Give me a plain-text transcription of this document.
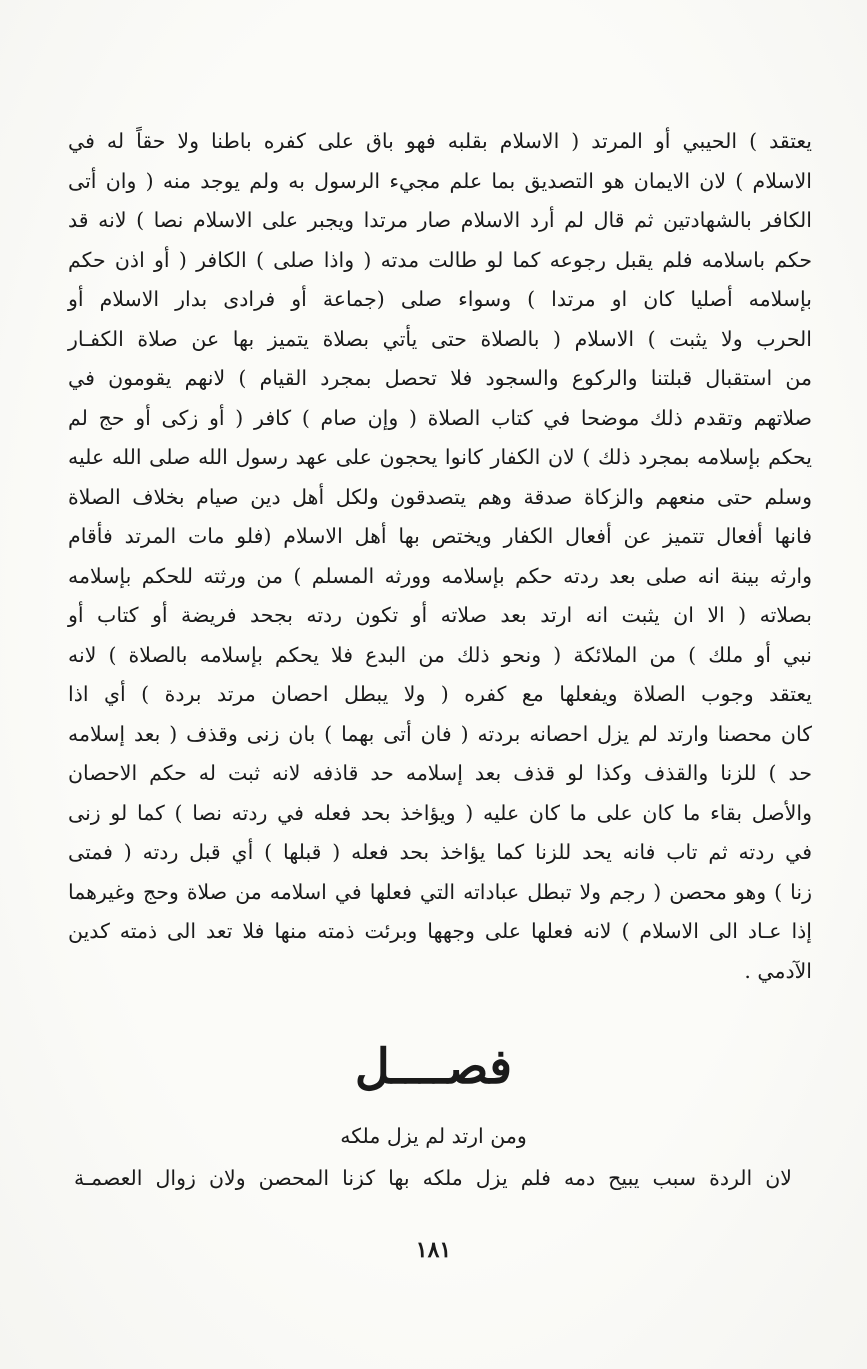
يعتقد ) الحيبي أو المرتد ( الاسلام بقلبه فهو باق على كفره باطنا ولا حقاً له في
الاسلام ) لان الايمان هو التصديق بما علم مجيء الرسول به ولم يوجد منه ( وان أتى
الكافر بالشهادتين ثم قال لم أرد الاسلام صار مرتدا ويجبر على الاسلام نصا ) لانه قد
حكم باسلامه فلم يقبل رجوعه كما لو طالت مدته ( واذا صلى ) الكافر ( أو اذن حكم
بإسلامه أصليا كان او مرتدا ) وسواء صلى (جماعة أو فرادى بدار الاسلام أو
الحرب ولا يثبت ) الاسلام ( بالصلاة حتى يأتي بصلاة يتميز بها عن صلاة الكفـار
من استقبال قبلتنا والركوع والسجود فلا تحصل بمجرد القيام ) لانهم يقومون في
صلاتهم وتقدم ذلك موضحا في كتاب الصلاة ( وإن صام ) كافر ( أو زكى أو حج لم
يحكم بإسلامه بمجرد ذلك ) لان الكفار كانوا يحجون على عهد رسول الله صلى الله عليه
وسلم حتى منعهم والزكاة صدقة وهم يتصدقون ولكل أهل دين صيام بخلاف الصلاة
فانها أفعال تتميز عن أفعال الكفار ويختص بها أهل الاسلام (فلو مات المرتد فأقام
وارثه بينة انه صلى بعد ردته حكم بإسلامه وورثه المسلم ) من ورثته للحكم بإسلامه
بصلاته ( الا ان يثبت انه ارتد بعد صلاته أو تكون ردته بجحد فريضة أو كتاب أو
نبي أو ملك ) من الملائكة ( ونحو ذلك من البدع فلا يحكم بإسلامه بالصلاة ) لانه
يعتقد وجوب الصلاة ويفعلها مع كفره ( ولا يبطل احصان مرتد بردة ) أي اذا
كان محصنا وارتد لم يزل احصانه بردته ( فان أتى بهما ) بان زنى وقذف ( بعد إسلامه
حد ) للزنا والقذف وكذا لو قذف بعد إسلامه حد قاذفه لانه ثبت له حكم الاحصان
والأصل بقاء ما كان على ما كان عليه ( ويؤاخذ بحد فعله في ردته نصا ) كما لو زنى
في ردته ثم تاب فانه يحد للزنا كما يؤاخذ بحد فعله ( قبلها ) أي قبل ردته ( فمتى
زنا ) وهو محصن ( رجم ولا تبطل عباداته التي فعلها في اسلامه من صلاة وحج وغيرهما
إذا عـاد الى الاسلام ) لانه فعلها على وجهها وبرئت ذمته منها فلا تعد الى ذمته كدين
الآدمي .
فصــــل
ومن ارتد لم يزل ملكه
لان الردة سبب يبيح دمه فلم يزل ملكه بها كزنا المحصن ولان زوال العصمـة
١٨١
